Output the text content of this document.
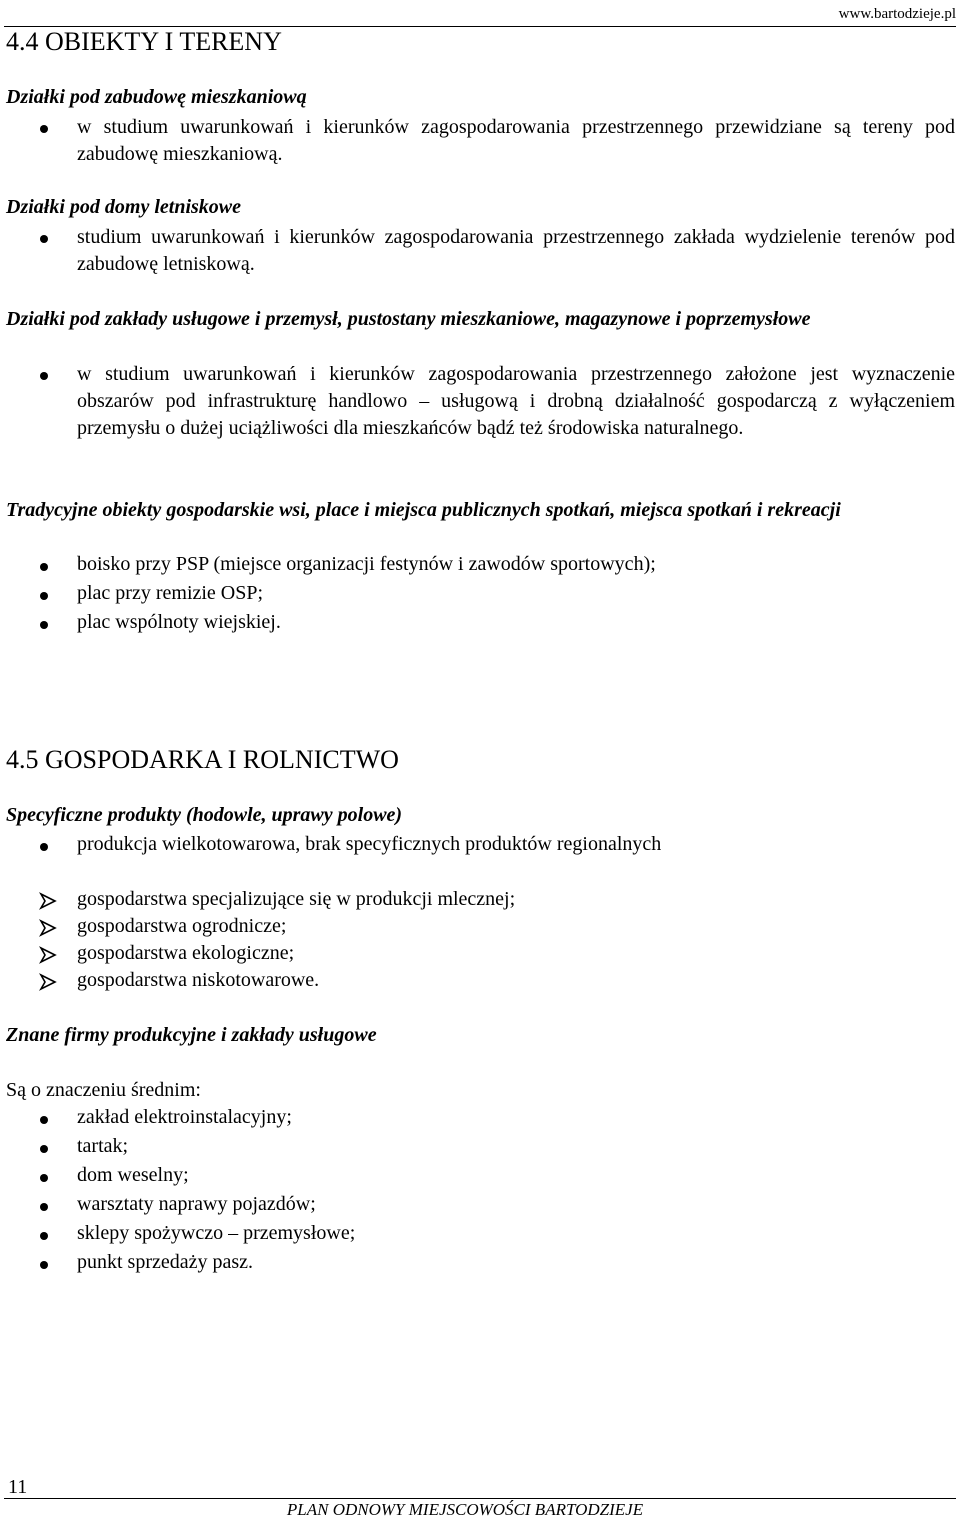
www.bartodzieje.pl
4.4 OBIEKTY I TERENY
Działki pod zabudowę mieszkaniową
w studium uwarunkowań i kierunków zagospodarowania przestrzennego przewidziane są tereny pod zabudowę mieszkaniową.
Działki pod domy letniskowe
studium uwarunkowań i kierunków zagospodarowania przestrzennego zakłada wydzielenie terenów pod zabudowę letniskową.
Działki pod zakłady usługowe i przemysł, pustostany mieszkaniowe, magazynowe i poprzemysłowe
w studium uwarunkowań i kierunków zagospodarowania przestrzennego założone jest wyznaczenie obszarów pod infrastrukturę handlowo – usługową i drobną działalność gospodarczą z wyłączeniem przemysłu o dużej uciążliwości dla mieszkańców bądź też środowiska naturalnego.
Tradycyjne obiekty gospodarskie wsi, place i miejsca publicznych spotkań, miejsca spotkań i rekreacji
boisko przy PSP (miejsce organizacji festynów i zawodów sportowych);
plac przy remizie OSP;
plac wspólnoty wiejskiej.
4.5 GOSPODARKA I ROLNICTWO
Specyficzne produkty (hodowle, uprawy polowe)
produkcja wielkotowarowa, brak specyficznych produktów regionalnych
gospodarstwa specjalizujące się w produkcji mlecznej;
gospodarstwa ogrodnicze;
gospodarstwa ekologiczne;
gospodarstwa niskotowarowe.
Znane firmy produkcyjne i zakłady usługowe
Są o znaczeniu średnim:
zakład elektroinstalacyjny;
tartak;
dom weselny;
warsztaty naprawy pojazdów;
sklepy spożywczo – przemysłowe;
punkt sprzedaży pasz.
11
PLAN ODNOWY MIEJSCOWOŚCI BARTODZIEJE
